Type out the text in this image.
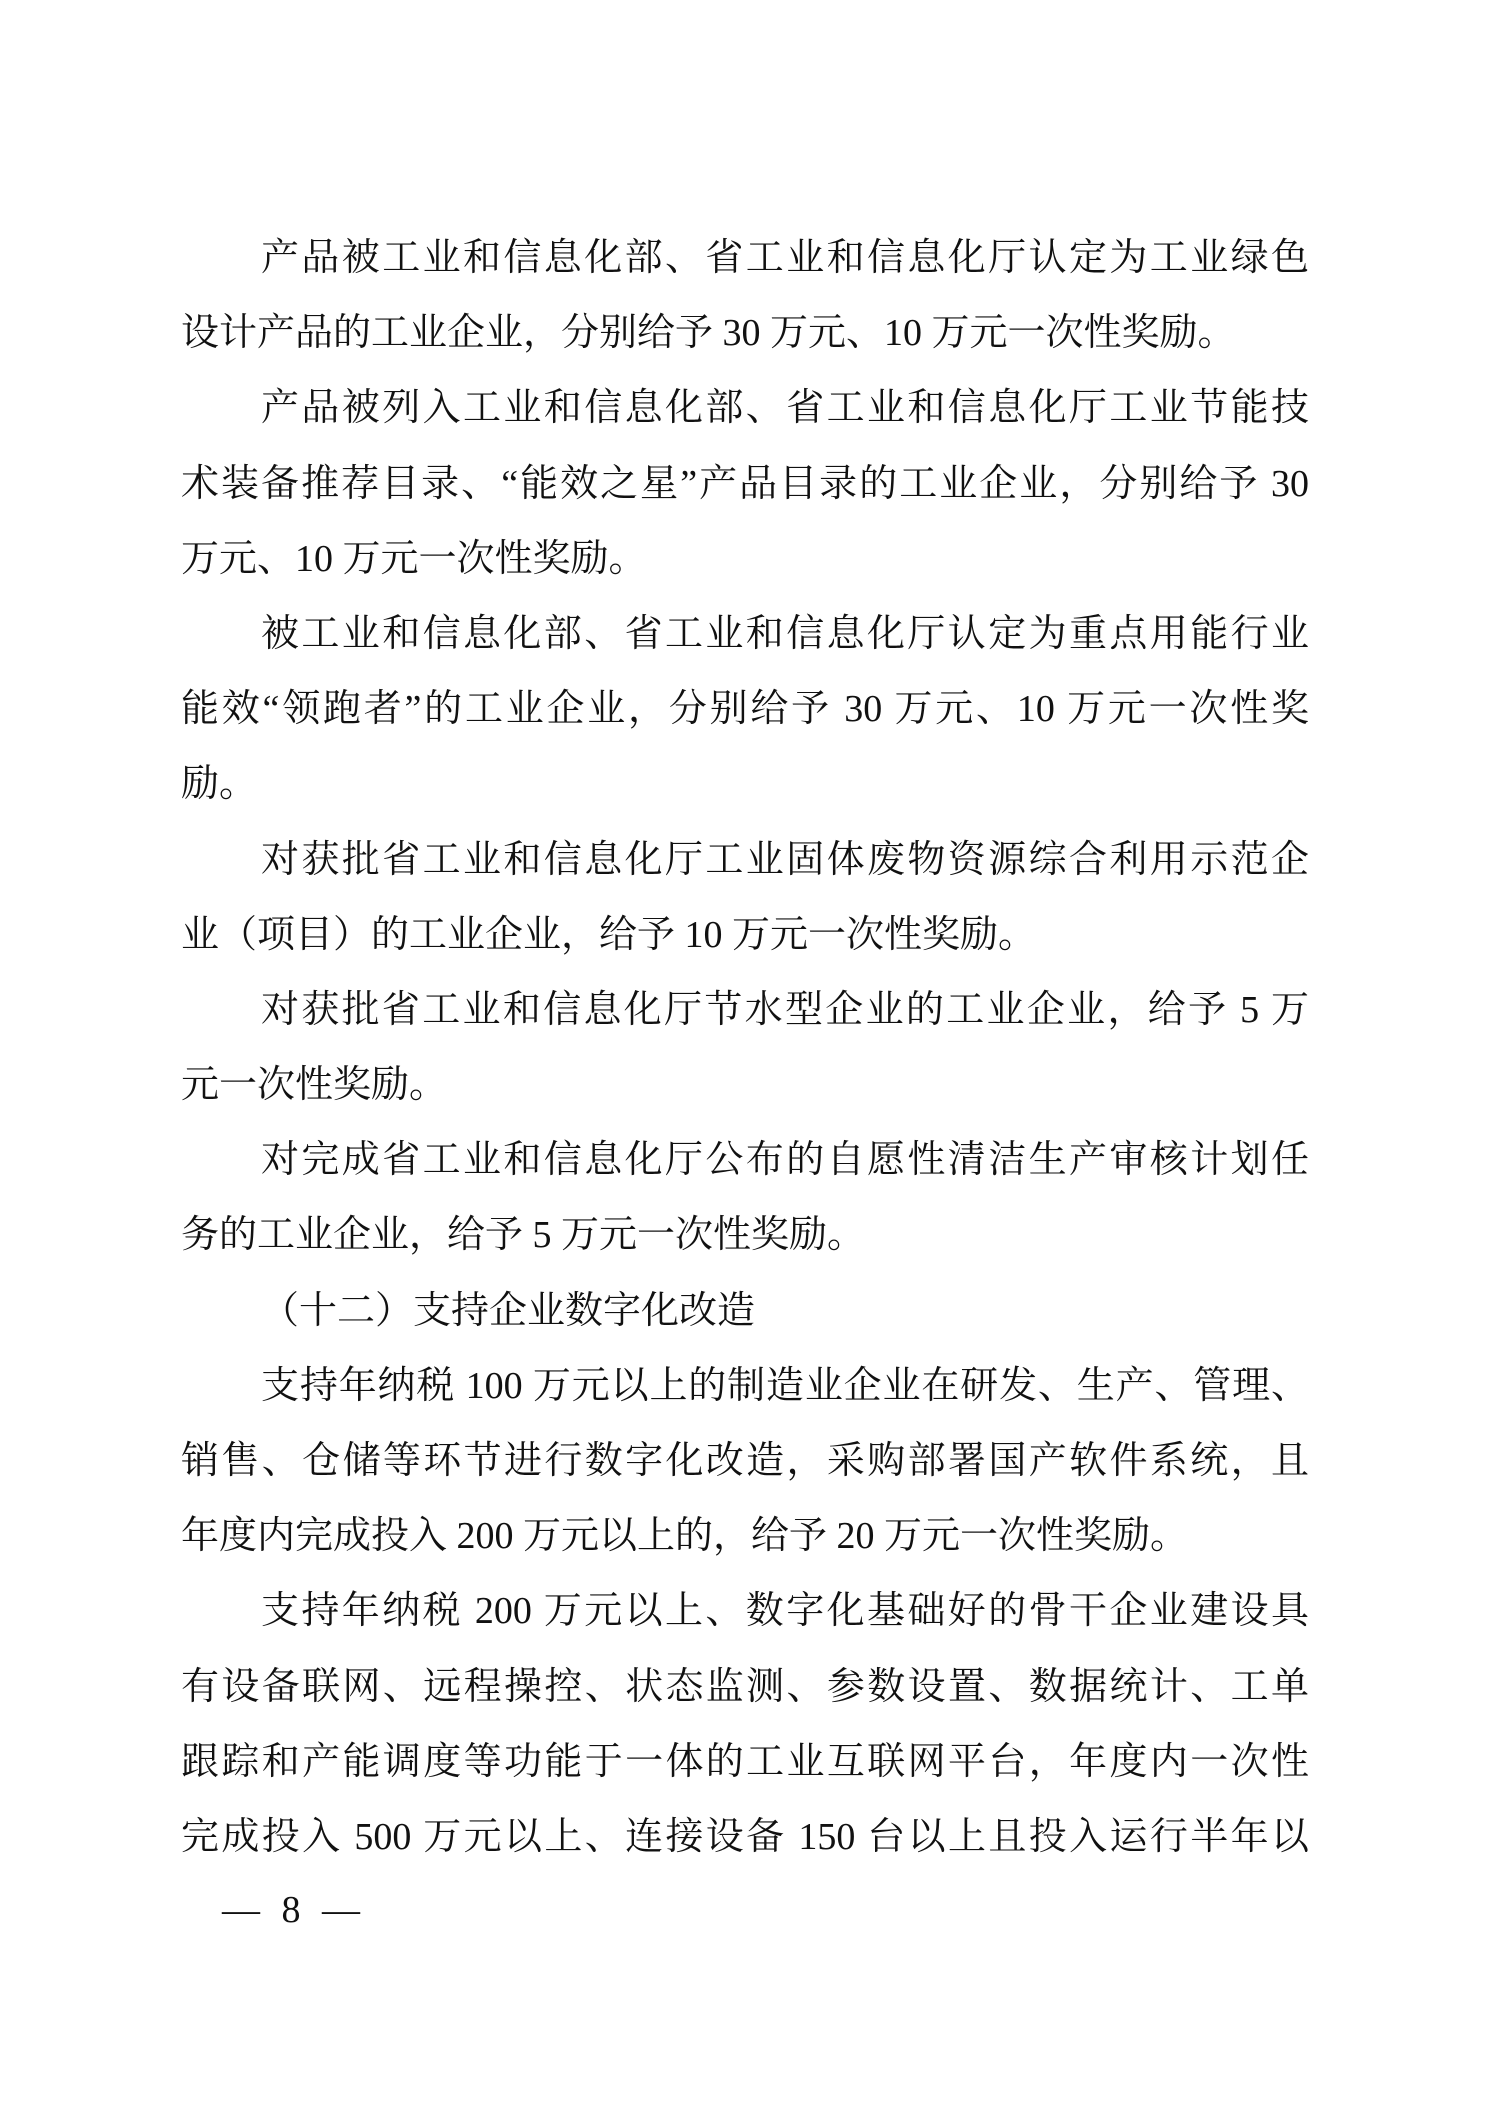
产品被工业和信息化部、省工业和信息化厅认定为工业绿色
设计产品的工业企业，分别给予 30 万元、10 万元一次性奖励。
产品被列入工业和信息化部、省工业和信息化厅工业节能技
术装备推荐目录、“能效之星”产品目录的工业企业，分别给予 30
万元、10 万元一次性奖励。
被工业和信息化部、省工业和信息化厅认定为重点用能行业
能效“领跑者”的工业企业，分别给予 30 万元、10 万元一次性奖
励。
对获批省工业和信息化厅工业固体废物资源综合利用示范企
业（项目）的工业企业，给予 10 万元一次性奖励。
对获批省工业和信息化厅节水型企业的工业企业，给予 5 万
元一次性奖励。
对完成省工业和信息化厅公布的自愿性清洁生产审核计划任
务的工业企业，给予 5 万元一次性奖励。
（十二）支持企业数字化改造
支持年纳税 100 万元以上的制造业企业在研发、生产、管理、
销售、仓储等环节进行数字化改造，采购部署国产软件系统，且
年度内完成投入 200 万元以上的，给予 20 万元一次性奖励。
支持年纳税 200 万元以上、数字化基础好的骨干企业建设具
有设备联网、远程操控、状态监测、参数设置、数据统计、工单
跟踪和产能调度等功能于一体的工业互联网平台，年度内一次性
完成投入 500 万元以上、连接设备 150 台以上且投入运行半年以
— 8 —
